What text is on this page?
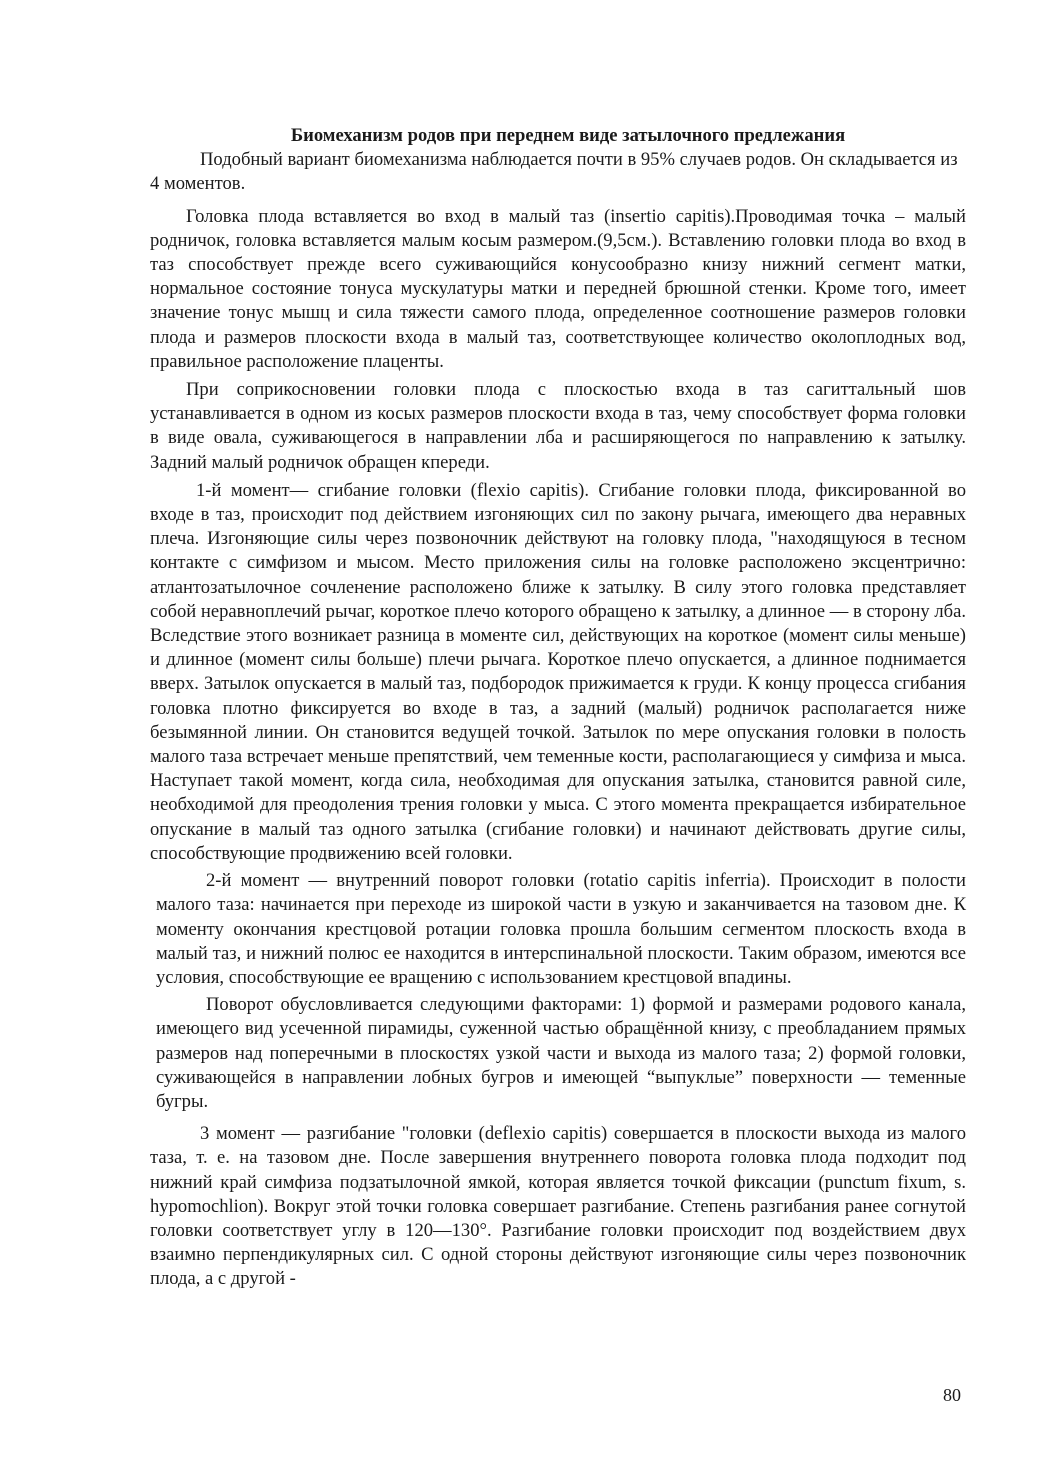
Биомеханизм родов при переднем виде затылочного предлежания

Подобный вариант биомеханизма наблюдается почти в 95% случаев родов. Он складывается из 4 моментов.

Головка плода вставляется во вход в малый таз (insertio capitis).Проводимая точка – малый родничок, головка вставляется малым косым размером.(9,5см.). Вставлению головки плода во вход в таз способствует прежде всего суживающийся конусообразно книзу нижний сегмент матки, нормальное состояние тонуса мускулатуры матки и передней брюшной стенки. Кроме того, имеет значение тонус мышц и сила тяжести самого плода, определенное соотношение размеров головки плода и размеров плоскости входа в малый таз, соответствующее количество околоплодных вод, правильное расположение плаценты.

При соприкосновении головки плода с плоскостью входа в таз сагиттальный шов устанавливается в одном из косых размеров плоскости входа в таз, чему способствует форма головки в виде овала, суживающегося в направлении лба и расширяющегося по направлению к затылку. Задний малый родничок обращен кпереди.

1-й момент— сгибание головки (flexio capitis). Сгибание головки плода, фиксированной во входе в таз, происходит под действием изгоняющих сил по закону рычага, имеющего два неравных плеча. Изгоняющие силы через позвоночник действуют на головку плода, "находящуюся в тесном контакте с симфизом и мысом. Место приложения силы на головке расположено эксцентрично: атлантозатылочное сочленение расположено ближе к затылку. В силу этого головка представляет собой неравноплечий рычаг, короткое плечо которого обращено к затылку, а длинное — в сторону лба. Вследствие этого возникает разница в моменте сил, действующих на короткое (момент силы меньше) и длинное (момент силы больше) плечи рычага. Короткое плечо опускается, а длинное поднимается вверх. Затылок опускается в малый таз, подбородок прижимается к груди. К концу процесса сгибания головка плотно фиксируется во входе в таз, а задний (малый) родничок располагается ниже безымянной линии. Он становится ведущей точкой. Затылок по мере опускания головки в полость малого таза встречает меньше препятствий, чем теменные кости, располагающиеся у симфиза и мыса. Наступает такой момент, когда сила, необходимая для опускания затылка, становится равной силе, необходимой для преодоления трения головки у мыса. С этого момента прекращается избирательное опускание в малый таз одного затылка (сгибание головки) и начинают действовать другие силы, способствующие продвижению всей головки.

2-й момент — внутренний поворот головки (rotatio capitis inferria). Происходит в полости малого таза: начинается при переходе из широкой части в узкую и заканчивается на тазовом дне. К моменту окончания крестцовой ротации головка прошла большим сегментом плоскость входа в малый таз, и нижний полюс ее находится в интерспинальной плоскости. Таким образом, имеются все условия, способствующие ее вращению с использованием крестцовой впадины.

Поворот обусловливается следующими факторами: 1) формой и размерами родового канала, имеющего вид усеченной пирамиды, суженной частью обращённой книзу, с преобладанием прямых размеров над поперечными в плоскостях узкой части и выхода из малого таза; 2) формой головки, суживающейся в направлении лобных бугров и имеющей “выпуклые” поверхности — теменные бугры.

3 момент — разгибание "головки (deflexio capitis) совершается в плоскости выхода из малого таза, т. е. на тазовом дне. После завершения внутреннего поворота головка плода подходит под нижний край симфиза подзатылочной ямкой, которая является точкой фиксации (punctum fixum, s. hypomochlion). Вокруг этой точки головка совершает разгибание. Степень разгибания ранее согнутой головки соответствует углу в 120—130°. Разгибание головки происходит под воздействием двух взаимно перпендикулярных сил. С одной стороны действуют изгоняющие силы через позвоночник плода, а с другой -

80
